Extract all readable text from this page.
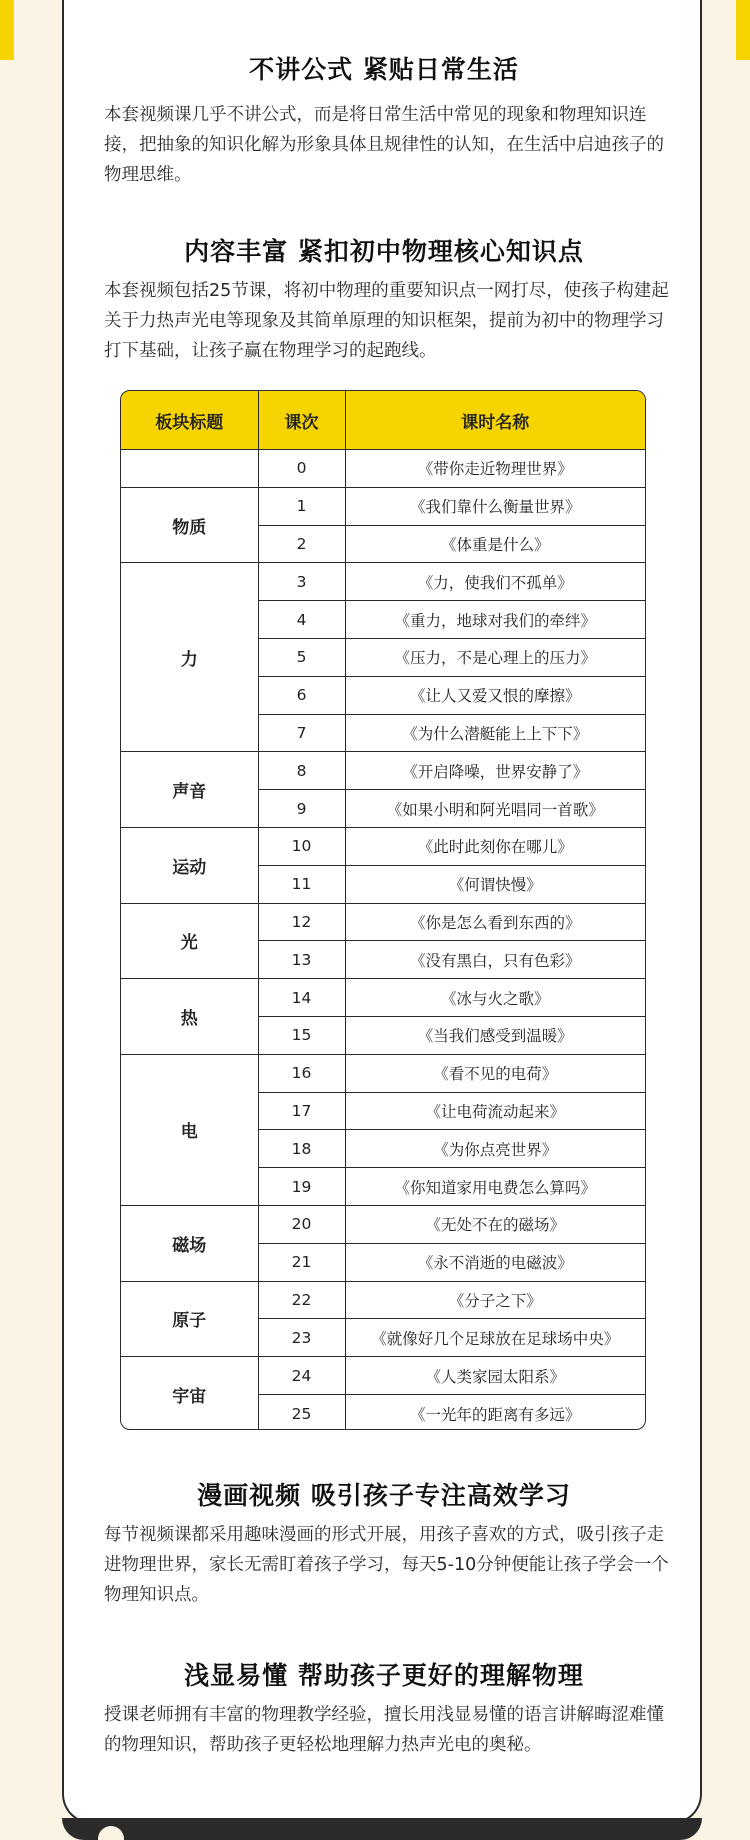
不讲公式 紧贴日常生活

本套视频课几乎不讲公式，而是将日常生活中常见的现象和物理知识连接，把抽象的知识化解为形象具体且规律性的认知，在生活中启迪孩子的物理思维。

内容丰富 紧扣初中物理核心知识点

本套视频包括25节课，将初中物理的重要知识点一网打尽，使孩子构建起关于力热声光电等现象及其简单原理的知识框架，提前为初中的物理学习打下基础，让孩子赢在物理学习的起跑线。

板块标题	课次	课时名称
	0	《带你走近物理世界》
物质	1	《我们靠什么衡量世界》
	2	《体重是什么》
力	3	《力，使我们不孤单》
	4	《重力，地球对我们的牵绊》
	5	《压力，不是心理上的压力》
	6	《让人又爱又恨的摩擦》
	7	《为什么潜艇能上上下下》
声音	8	《开启降噪，世界安静了》
	9	《如果小明和阿光唱同一首歌》
运动	10	《此时此刻你在哪儿》
	11	《何谓快慢》
光	12	《你是怎么看到东西的》
	13	《没有黑白，只有色彩》
热	14	《冰与火之歌》
	15	《当我们感受到温暖》
电	16	《看不见的电荷》
	17	《让电荷流动起来》
	18	《为你点亮世界》
	19	《你知道家用电费怎么算吗》
磁场	20	《无处不在的磁场》
	21	《永不消逝的电磁波》
原子	22	《分子之下》
	23	《就像好几个足球放在足球场中央》
宇宙	24	《人类家园太阳系》
	25	《一光年的距离有多远》
漫画视频 吸引孩子专注高效学习

每节视频课都采用趣味漫画的形式开展，用孩子喜欢的方式，吸引孩子走进物理世界，家长无需盯着孩子学习，每天5-10分钟便能让孩子学会一个物理知识点。

浅显易懂 帮助孩子更好的理解物理

授课老师拥有丰富的物理教学经验，擅长用浅显易懂的语言讲解晦涩难懂的物理知识，帮助孩子更轻松地理解力热声光电的奥秘。
